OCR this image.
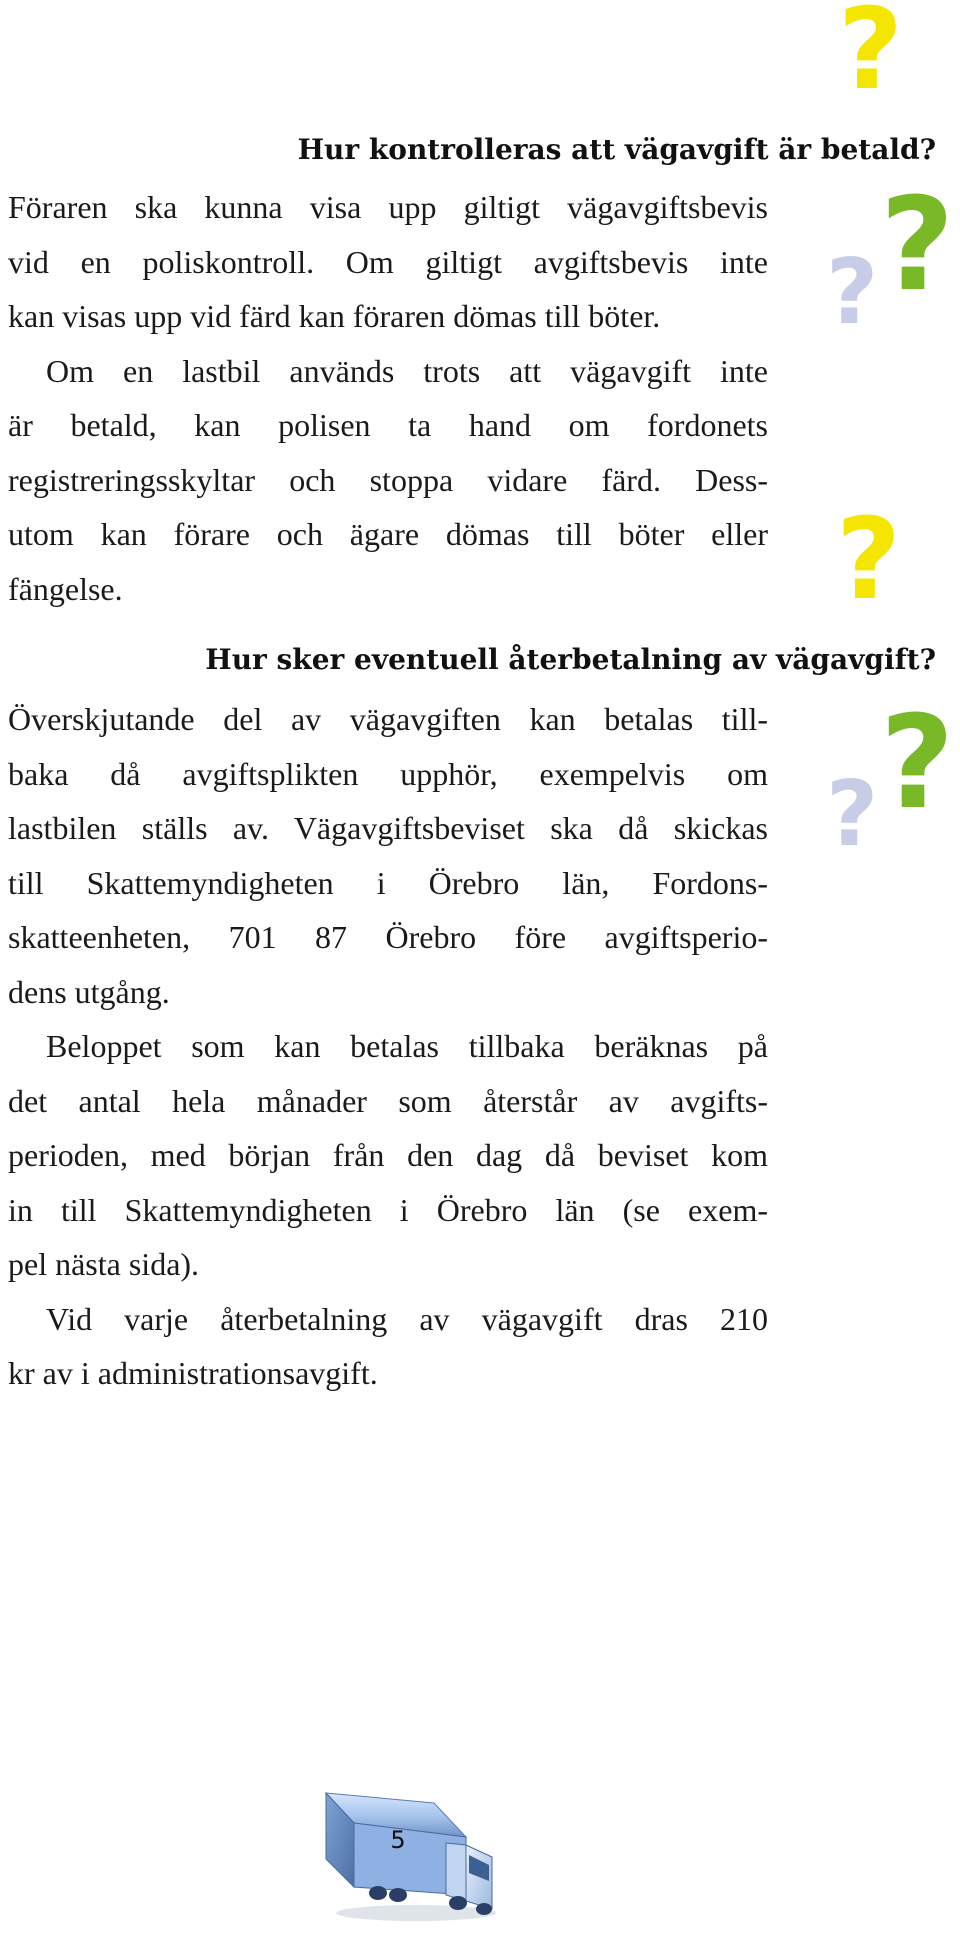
?
? ?
?
? ?
Hur kontrolleras att vägavgift är betald?

Föraren ska kunna visa upp giltigt vägavgiftsbevis
vid en poliskontroll. Om giltigt avgiftsbevis inte
kan visas upp vid färd kan föraren dömas till böter.

Om en lastbil används trots att vägavgift inte
är betald, kan polisen ta hand om fordonets
registreringsskyltar och stoppa vidare färd. Dess-
utom kan förare och ägare dömas till böter eller
fängelse.

Hur sker eventuell återbetalning av vägavgift?

Överskjutande del av vägavgiften kan betalas till-
baka då avgiftsplikten upphör, exempelvis om
lastbilen ställs av. Vägavgiftsbeviset ska då skickas
till Skattemyndigheten i Örebro län, Fordons-
skatteenheten, 701 87 Örebro före avgiftsperio-
dens utgång.

Beloppet som kan betalas tillbaka beräknas på
det antal hela månader som återstår av avgifts-
perioden, med början från den dag då beviset kom
in till Skattemyndigheten i Örebro län (se exem-
pel nästa sida).

Vid varje återbetalning av vägavgift dras 210
kr av i administrationsavgift.

5
